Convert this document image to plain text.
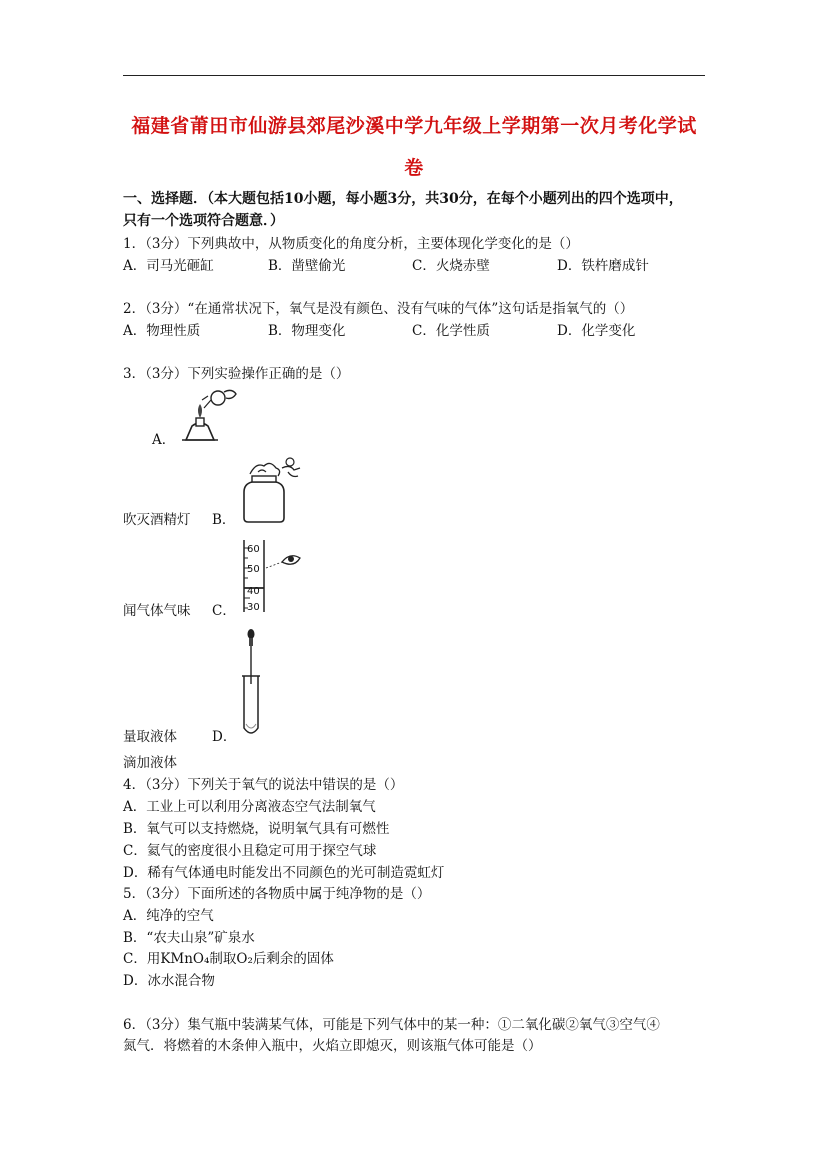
福建省莆田市仙游县郊尾沙溪中学九年级上学期第一次月考化学试
卷
一、选择题．（本大题包括10小题，每小题3分，共30分，在每个小题列出的四个选项中，
只有一个选项符合题意．）
1．（3分）下列典故中，从物质变化的角度分析，主要体现化学变化的是（）
A．司马光砸缸	B．凿壁偷光	C．火烧赤壁	D．铁杵磨成针
2．（3分）“在通常状况下，氧气是没有颜色、没有气味的气体”这句话是指氧气的（）
A．物理性质	B．物理变化	C．化学性质	D．化学变化
3．（3分）下列实验操作正确的是（）
A．
吹灭酒精灯 B．
闻气体气味 C．
60
50
40
30
量取液体	D．
滴加液体
4．（3分）下列关于氧气的说法中错误的是（）
A．工业上可以利用分离液态空气法制氧气
B．氧气可以支持燃烧，说明氧气具有可燃性
C．氦气的密度很小且稳定可用于探空气球
D．稀有气体通电时能发出不同颜色的光可制造霓虹灯
5．（3分）下面所述的各物质中属于纯净物的是（）
A．纯净的空气
B．“农夫山泉”矿泉水
C．用KMnO₄制取O₂后剩余的固体
D．冰水混合物
6．（3分）集气瓶中装满某气体，可能是下列气体中的某一种：①二氧化碳②氧气③空气④
氮气．将燃着的木条伸入瓶中，火焰立即熄灭，则该瓶气体可能是（）
